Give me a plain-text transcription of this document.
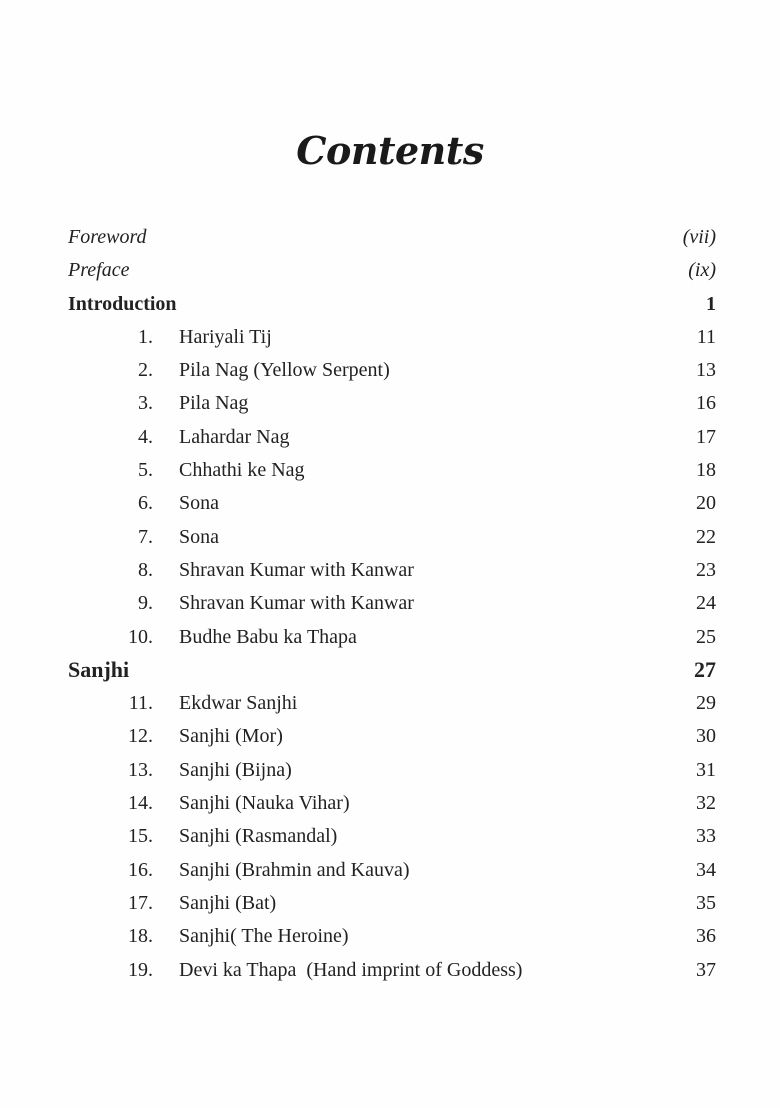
Contents
Foreword	(vii)
Preface	(ix)
Introduction	1
1. Hariyali Tij	11
2. Pila Nag (Yellow Serpent)	13
3. Pila Nag	16
4. Lahardar Nag	17
5. Chhathi ke Nag	18
6. Sona	20
7. Sona	22
8. Shravan Kumar with Kanwar	23
9. Shravan Kumar with Kanwar	24
10. Budhe Babu ka Thapa	25
Sanjhi	27
11. Ekdwar Sanjhi	29
12. Sanjhi (Mor)	30
13. Sanjhi (Bijna)	31
14. Sanjhi (Nauka Vihar)	32
15. Sanjhi (Rasmandal)	33
16. Sanjhi (Brahmin and Kauva)	34
17. Sanjhi (Bat)	35
18. Sanjhi( The Heroine)	36
19. Devi ka Thapa  (Hand imprint of Goddess)	37
